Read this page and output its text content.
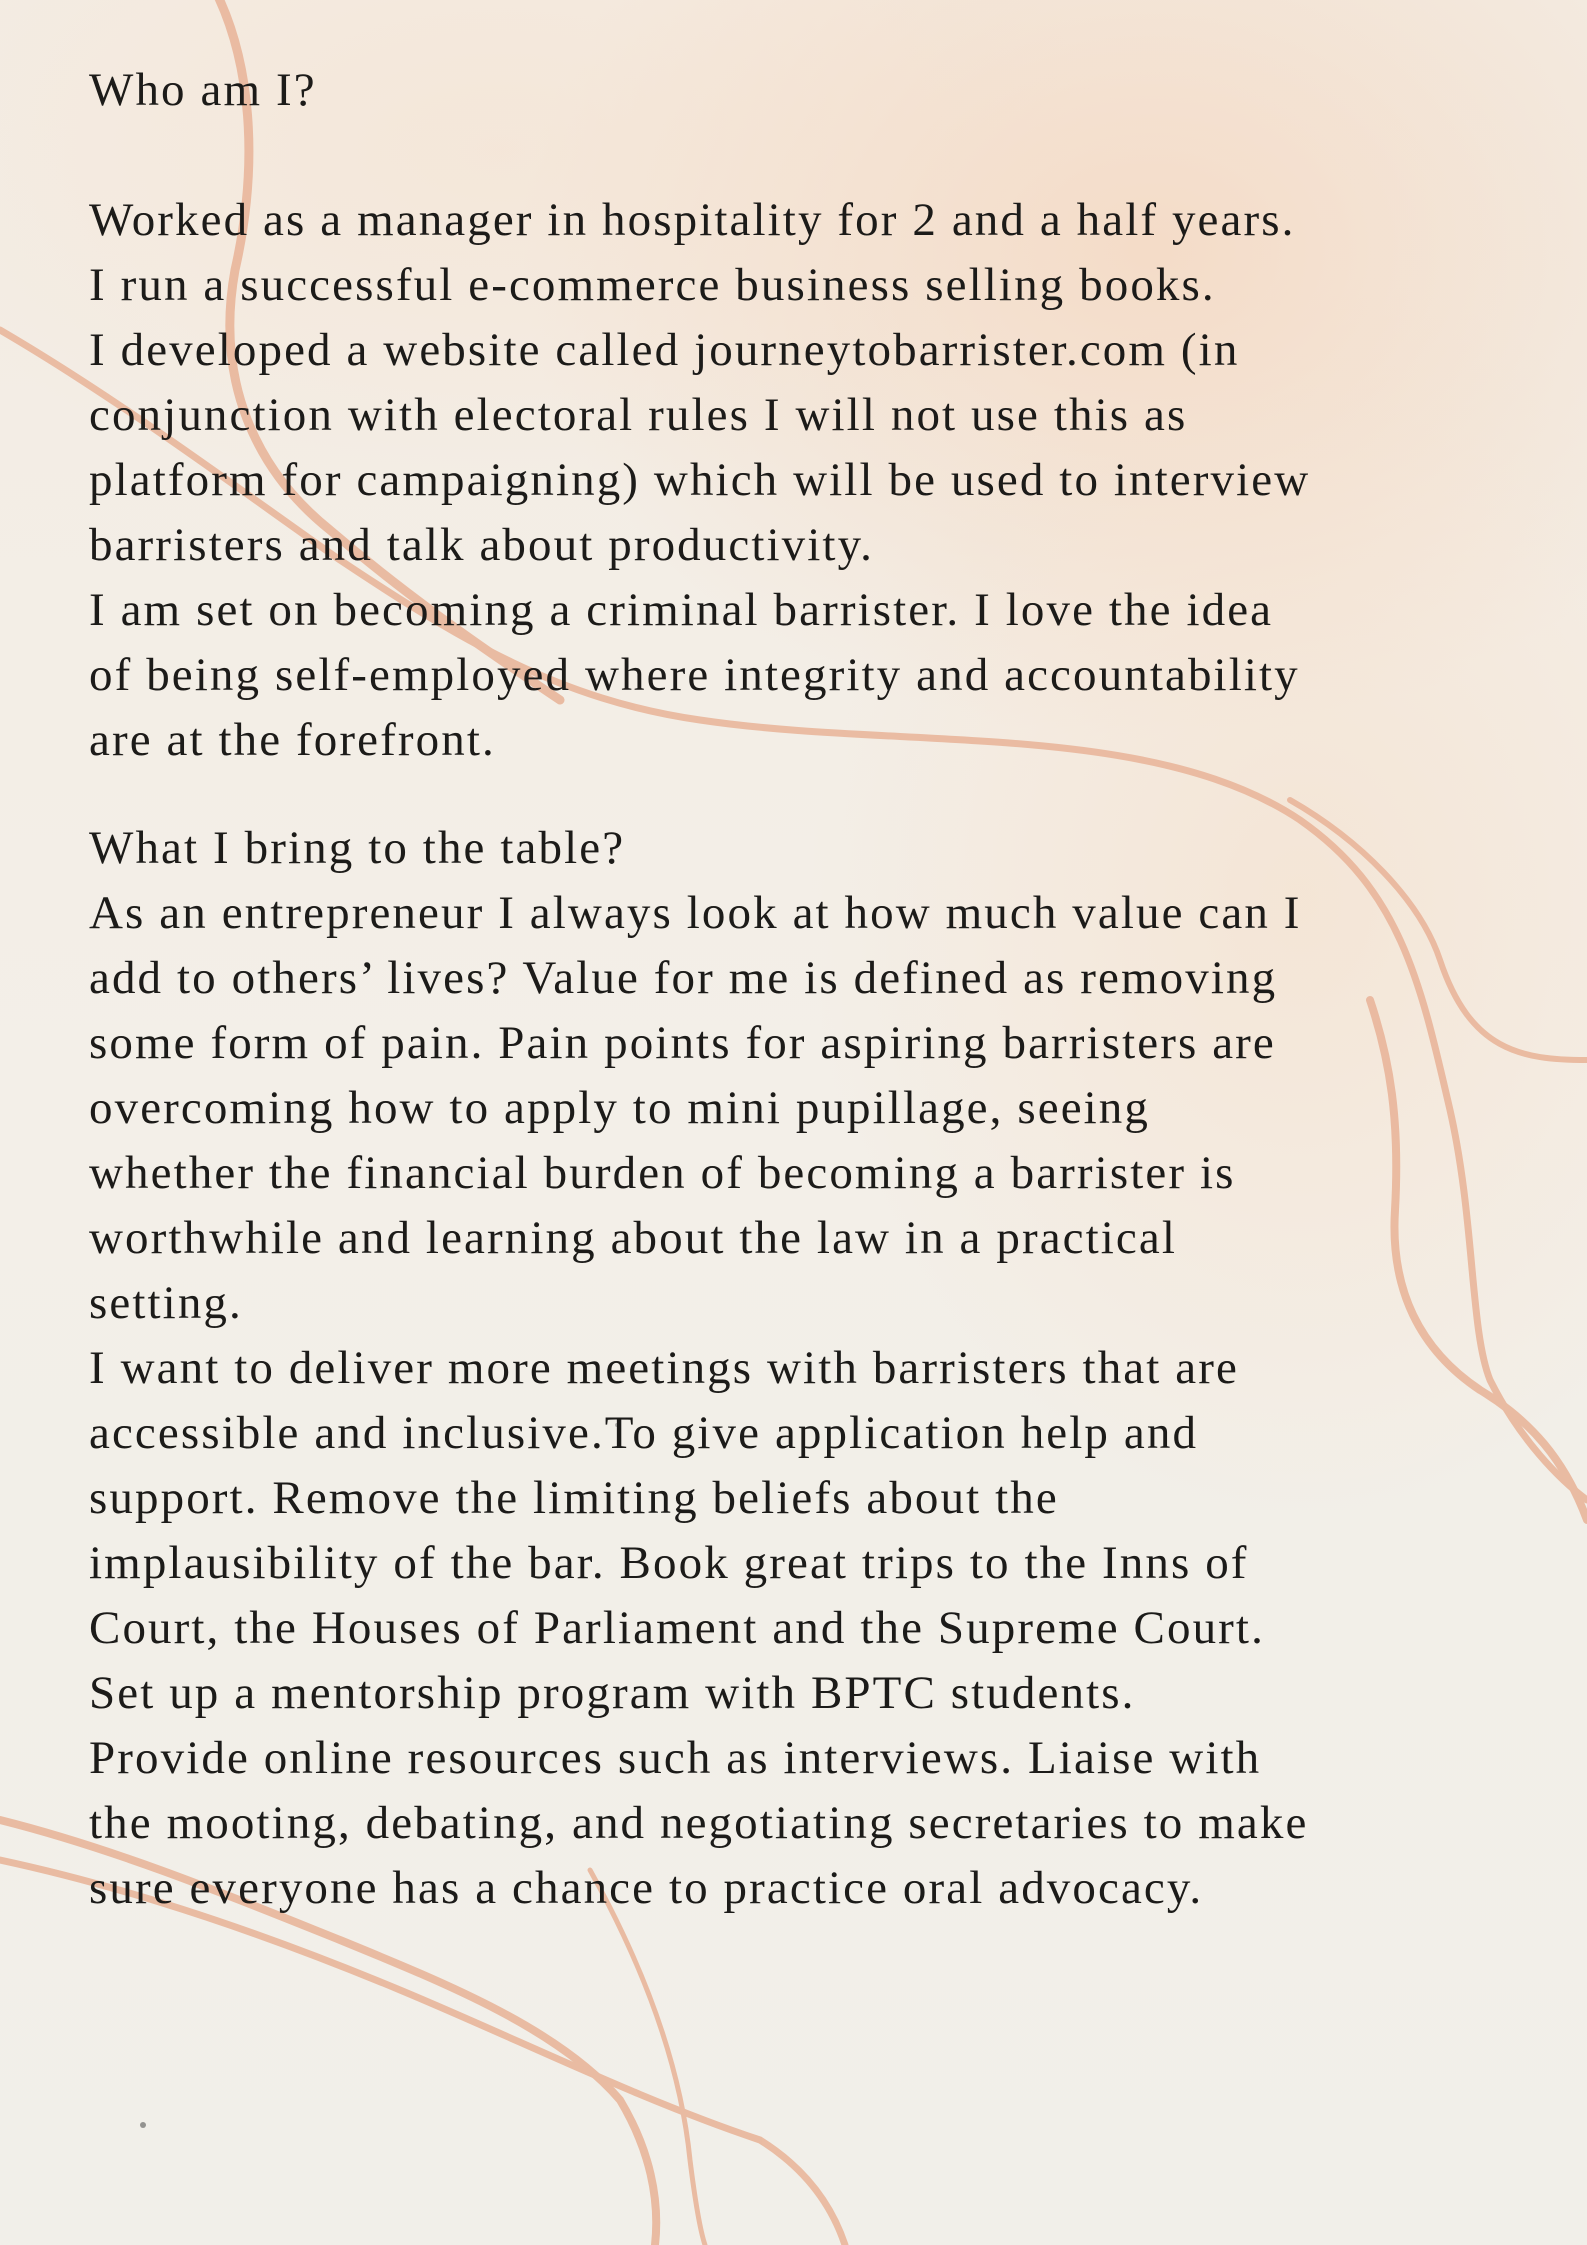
Who am I?
Worked as a manager in hospitality for 2 and a half years.
I run a successful e-commerce business selling books.
I developed a website called journeytobarrister.com (in
conjunction with electoral rules I will not use this as
platform for campaigning) which will be used to interview
barristers and talk about productivity.
I am set on becoming a criminal barrister. I love the idea
of being self-employed where integrity and accountability
are at the forefront.
What I bring to the table?
As an entrepreneur I always look at how much value can I
add to others’ lives? Value for me is defined as removing
some form of pain. Pain points for aspiring barristers are
overcoming how to apply to mini pupillage, seeing
whether the financial burden of becoming a barrister is
worthwhile and learning about the law in a practical
setting.
I want to deliver more meetings with barristers that are
accessible and inclusive.To give application help and
support. Remove the limiting beliefs about the
implausibility of the bar. Book great trips to the Inns of
Court, the Houses of Parliament and the Supreme Court.
Set up a mentorship program with BPTC students.
Provide online resources such as interviews. Liaise with
the mooting, debating, and negotiating secretaries to make
sure everyone has a chance to practice oral advocacy.
